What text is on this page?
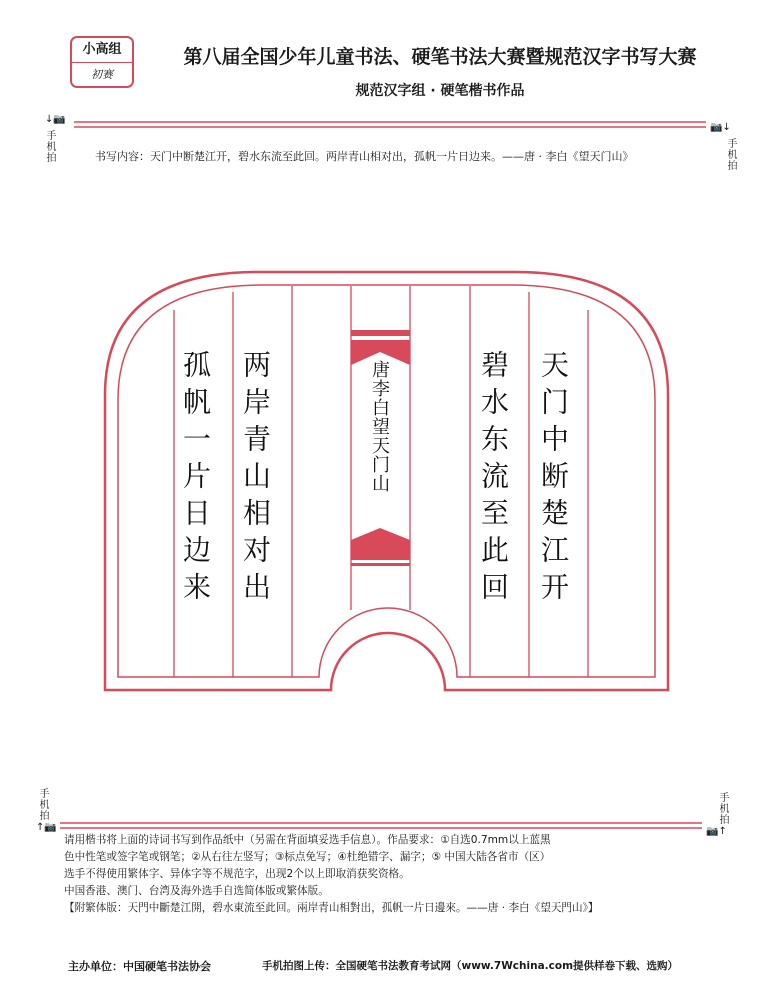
小高组
初赛
第八届全国少年儿童书法、硬笔书法大赛暨规范汉字书写大赛
规范汉字组 · 硬笔楷书作品
↓📷
手机拍
📷↓
手机拍
书写内容：天门中断楚江开，碧水东流至此回。两岸青山相对出，孤帆一片日边来。——唐 · 李白《望天门山》
天门中断楚江开
碧水东流至此回
唐李白望天门山
两岸青山相对出
孤帆一片日边来
手机拍
↑📷
手机拍
📷↑
请用楷书将上面的诗词书写到作品纸中（另需在背面填妥选手信息）。作品要求：①自选0.7mm以上蓝黑
色中性笔或签字笔或钢笔；②从右往左竖写；③标点免写；④杜绝错字、漏字；⑤ 中国大陆各省市（区）
选手不得使用繁体字、异体字等不规范字，出现2个以上即取消获奖资格。
中国香港、澳门、台湾及海外选手自选简体版或繁体版。
【附繁体版：天門中斷楚江開，碧水東流至此回。兩岸青山相對出，孤帆一片日邊來。——唐 · 李白《望天門山》】
主办单位：中国硬笔书法协会	手机拍图上传：全国硬笔书法教育考试网（www.7Wchina.com提供样卷下载、选购）
